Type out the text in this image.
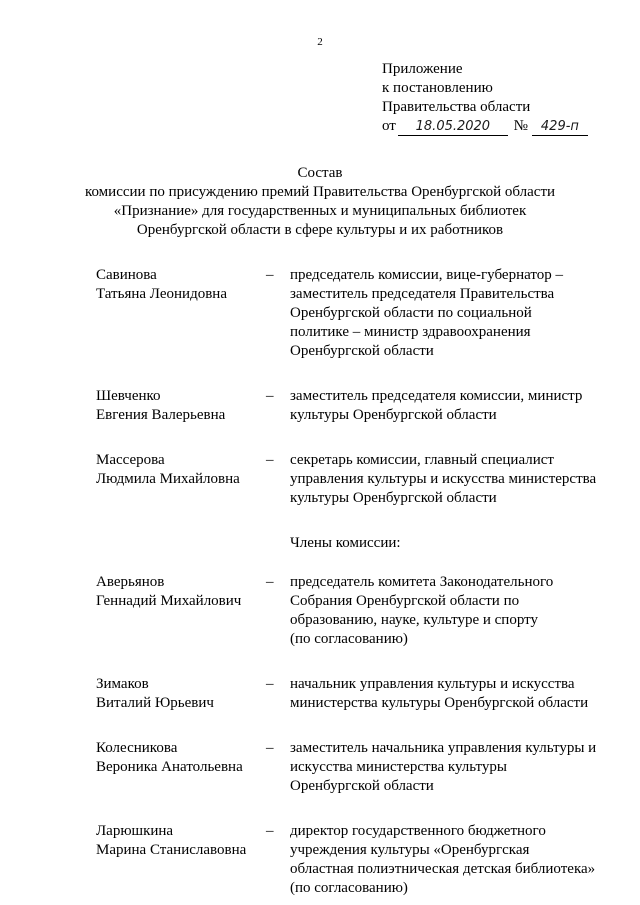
2
Приложение
к постановлению
Правительства области
от 18.05.2020 № 429-п
Состав
комиссии по присуждению премий Правительства Оренбургской области
«Признание» для государственных и муниципальных библиотек
Оренбургской области в сфере культуры и их работников
Савинова
Татьяна Леонидовна
–	председатель комиссии, вице-губернатор –
заместитель председателя Правительства
Оренбургской области по социальной
политике – министр здравоохранения
Оренбургской области
Шевченко
Евгения Валерьевна
–	заместитель председателя комиссии, министр
культуры Оренбургской области
Массерова
Людмила Михайловна
–	секретарь комиссии, главный специалист
управления культуры и искусства министерства
культуры Оренбургской области
Члены комиссии:
Аверьянов
Геннадий Михайлович
–	председатель комитета Законодательного
Собрания Оренбургской области по
образованию, науке, культуре и спорту
(по согласованию)
Зимаков
Виталий Юрьевич
–	начальник управления культуры и искусства
министерства культуры Оренбургской области
Колесникова
Вероника Анатольевна
–	заместитель начальника управления культуры и
искусства министерства культуры
Оренбургской области
Ларюшкина
Марина Станиславовна
–	директор государственного бюджетного
учреждения культуры «Оренбургская
областная полиэтническая детская библиотека»
(по согласованию)
